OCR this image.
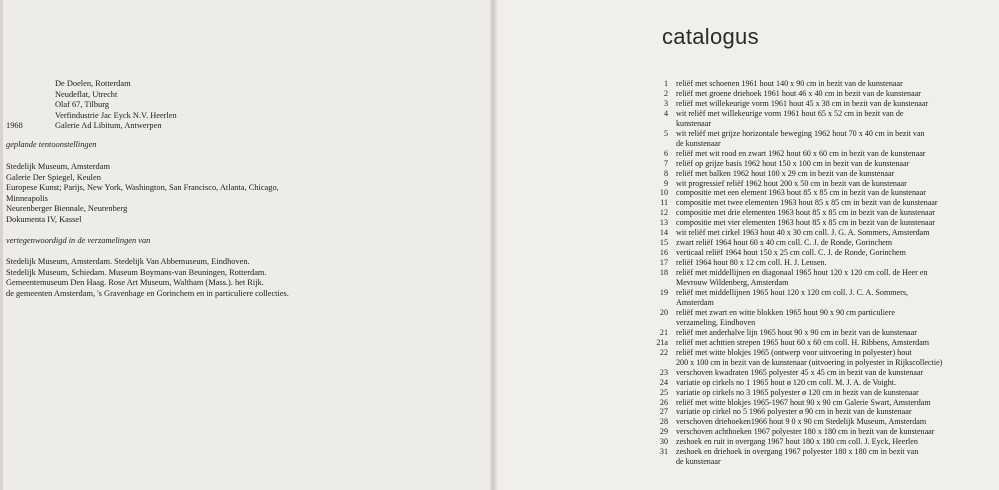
De Doelen, Rotterdam
Neudeflat, Utrecht
Olaf 67, Tilburg
Verfindustrie Jac Eyck N.V. Heerlen
1968	Galerie Ad Libitum, Antwerpen
geplande tentoonstellingen
Stedelijk Museum, Amsterdam
Galerie Der Spiegel, Keulen
Europese Kunst; Parijs, New York, Washington, San Francisco, Atlanta, Chicago,
Minneapolis
Neurenberger Biennale, Neurenberg
Dokumenta IV, Kassel
vertegenwoordigd in de verzamelingen van
Stedelijk Museum, Amsterdam. Stedelijk Van Abbemuseum, Eindhoven.
Stedelijk Museum, Schiedam. Museum Boymans-van Beuningen, Rotterdam.
Gemeentemuseum Den Haag. Rose Art Museum, Waltham (Mass.). het Rijk.
de gemeenten Amsterdam, 's Gravenhage en Gorinchem en in particuliere collecties.
catalogus
1 reliëf met schoenen 1961 hout 140 x 90 cm in bezit van de kunstenaar
2 reliëf met groene driehoek 1961 hout 46 x 40 cm in bezit van de kunstenaar
3 reliëf met willekeurige vorm 1961 hout 45 x 38 cm in bezit van de kunstenaar
4 wit reliëf met willekeurige vorm 1961 hout 65 x 52 cm in bezit van de
kunstenaar
5 wit reliëf met grijze horizontale beweging 1962 hout 70 x 40 cm in bezit van
de kunstenaar
6 reliëf met wit rood en zwart 1962 hout 60 x 60 cm in bezit van de kunstenaar
7 reliëf op grijze basis 1962 hout 150 x 100 cm in bezit van de kunstenaar
8 reliëf met balken 1962 hout 100 x 29 cm in bezit van de kunstenaar
9 wit progressief reliëf 1962 hout 200 x 50 cm in bezit van de kunstenaar
10 compositie met een element 1963 hout 85 x 85 cm in bezit van de kunstenaar
11 compositie met twee elementen 1963 hout 85 x 85 cm in bezit van de kunstenaar
12 compositie met drie elementen 1963 hout 85 x 85 cm in bezit van de kunstenaar
13 compositie met vier elementen 1963 hout 85 x 85 cm in bezit van de kunstenaar
14 wit reliëf met cirkel 1963 hout 40 x 30 cm coll. J. G. A. Sommers, Amsterdam
15 zwart reliëf 1964 hout 60 x 40 cm coll. C. J. de Ronde, Gorinchem
16 verticaal reliëf 1964 hout 150 x 25 cm coll. C. J. de Ronde, Gorinchem
17 reliëf 1964 hout 80 x 12 cm coll. H. J. Lensen.
18 reliëf met middellijnen en diagonaal 1965 hout 120 x 120 cm coll. de Heer en
Mevrouw Wildenberg, Amsterdam
19 reliëf met middellijnen 1965 hout 120 x 120 cm coll. J. C. A. Sommers,
Amsterdam
20 reliëf met zwart en witte blokken 1965 hout 90 x 90 cm particuliere
verzameling, Eindhoven
21 reliëf met anderhalve lijn 1965 hout 90 x 90 cm in bezit van de kunstenaar
21a reliëf met achttien strepen 1965 hout 60 x 60 cm coll. H. Ribbens, Amsterdam
22 reliëf met witte blokjes 1965 (ontwerp voor uitvoering in polyester) hout
200 x 100 cm in bezit van de kunstenaar (uitvoering in polyester in Rijkscollectie)
23 verschoven kwadraten 1965 polyester 45 x 45 cm in bezit van de kunstenaar
24 variatie op cirkels no 1 1965 hout ø 120 cm coll. M. J. A. de Voight.
25 variatie op cirkels no 3 1965 polyester ø 120 cm in bezit van de kunstenaar
26 reliëf met witte blokjes 1965-1967 hout 90 x 90 cm Galerie Swart, Amsterdam
27 variatie op cirkel no 5 1966 polyester ø 90 cm in bezit van de kunstenaar
28 verschoven driehoeken1966 hout 9 0 x 90 cm Stedelijk Museum, Amsterdam
29 verschoven achthoeken 1967 polyester 180 x 180 cm in bezit van de kunstenaar
30 zeshoek en ruit in overgang 1967 hout 180 x 180 cm coll. J. Eyck, Heerlen
31 zeshoek en driehoek in overgang 1967 polyester 180 x 180 cm in bezit van
de kunstenaar
